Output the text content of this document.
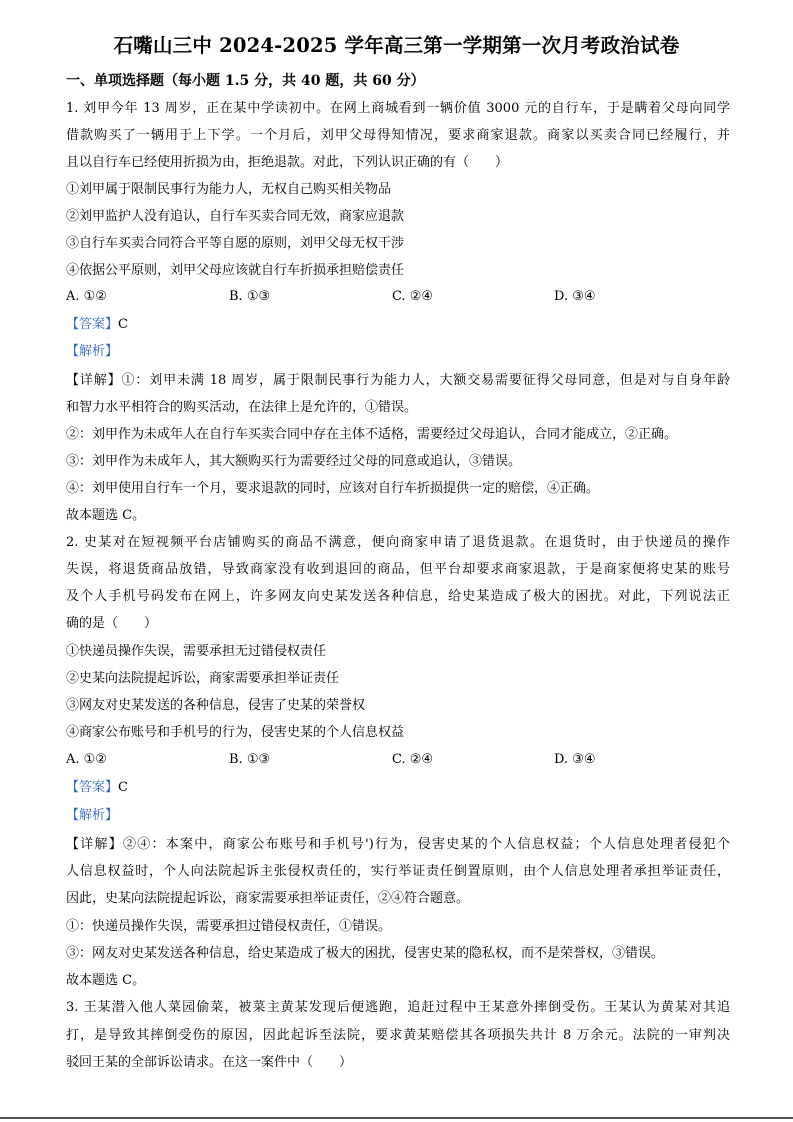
石嘴山三中 2024-2025 学年高三第一学期第一次月考政治试卷
一、单项选择题（每小题 1.5 分，共 40 题，共 60 分）
1. 刘甲今年 13 周岁，正在某中学读初中。在网上商城看到一辆价值 3000 元的自行车，于是瞒着父母向同学
借款购买了一辆用于上下学。一个月后，刘甲父母得知情况，要求商家退款。商家以买卖合同已经履行，并
且以自行车已经使用折损为由，拒绝退款。对此，下列认识正确的有（　　）
①刘甲属于限制民事行为能力人，无权自己购买相关物品
②刘甲监护人没有追认，自行车买卖合同无效，商家应退款
③自行车买卖合同符合平等自愿的原则，刘甲父母无权干涉
④依据公平原则，刘甲父母应该就自行车折损承担赔偿责任
A. ①②	B. ①③	C. ②④	D. ③④
【答案】C
【解析】
【详解】①：刘甲未满 18 周岁，属于限制民事行为能力人，大额交易需要征得父母同意，但是对与自身年龄
和智力水平相符合的购买活动，在法律上是允许的，①错误。
②：刘甲作为未成年人在自行车买卖合同中存在主体不适格，需要经过父母追认，合同才能成立，②正确。
③：刘甲作为未成年人，其大额购买行为需要经过父母的同意或追认，③错误。
④：刘甲使用自行车一个月，要求退款的同时，应该对自行车折损提供一定的赔偿，④正确。
故本题选 C。
2. 史某对在短视频平台店铺购买的商品不满意，便向商家申请了退货退款。在退货时，由于快递员的操作
失误，将退货商品放错，导致商家没有收到退回的商品，但平台却要求商家退款，于是商家便将史某的账号
及个人手机号码发布在网上，许多网友向史某发送各种信息，给史某造成了极大的困扰。对此，下列说法正
确的是（　　）
①快递员操作失误，需要承担无过错侵权责任
②史某向法院提起诉讼，商家需要承担举证责任
③网友对史某发送的各种信息，侵害了史某的荣誉权
④商家公布账号和手机号的行为，侵害史某的个人信息权益
A. ①②	B. ①③	C. ②④	D. ③④
【答案】C
【解析】
【详解】②④：本案中，商家公布账号和手机号')行为，侵害史某的个人信息权益；个人信息处理者侵犯个
人信息权益时，个人向法院起诉主张侵权责任的，实行举证责任倒置原则，由个人信息处理者承担举证责任，
因此，史某向法院提起诉讼，商家需要承担举证责任，②④符合题意。
①：快递员操作失误，需要承担过错侵权责任，①错误。
③：网友对史某发送各种信息，给史某造成了极大的困扰，侵害史某的隐私权，而不是荣誉权，③错误。
故本题选 C。
3. 王某潜入他人菜园偷菜，被菜主黄某发现后便逃跑，追赶过程中王某意外摔倒受伤。王某认为黄某对其追
打，是导致其摔倒受伤的原因，因此起诉至法院，要求黄某赔偿其各项损失共计 8 万余元。法院的一审判决
驳回王某的全部诉讼请求。在这一案件中（　　）
